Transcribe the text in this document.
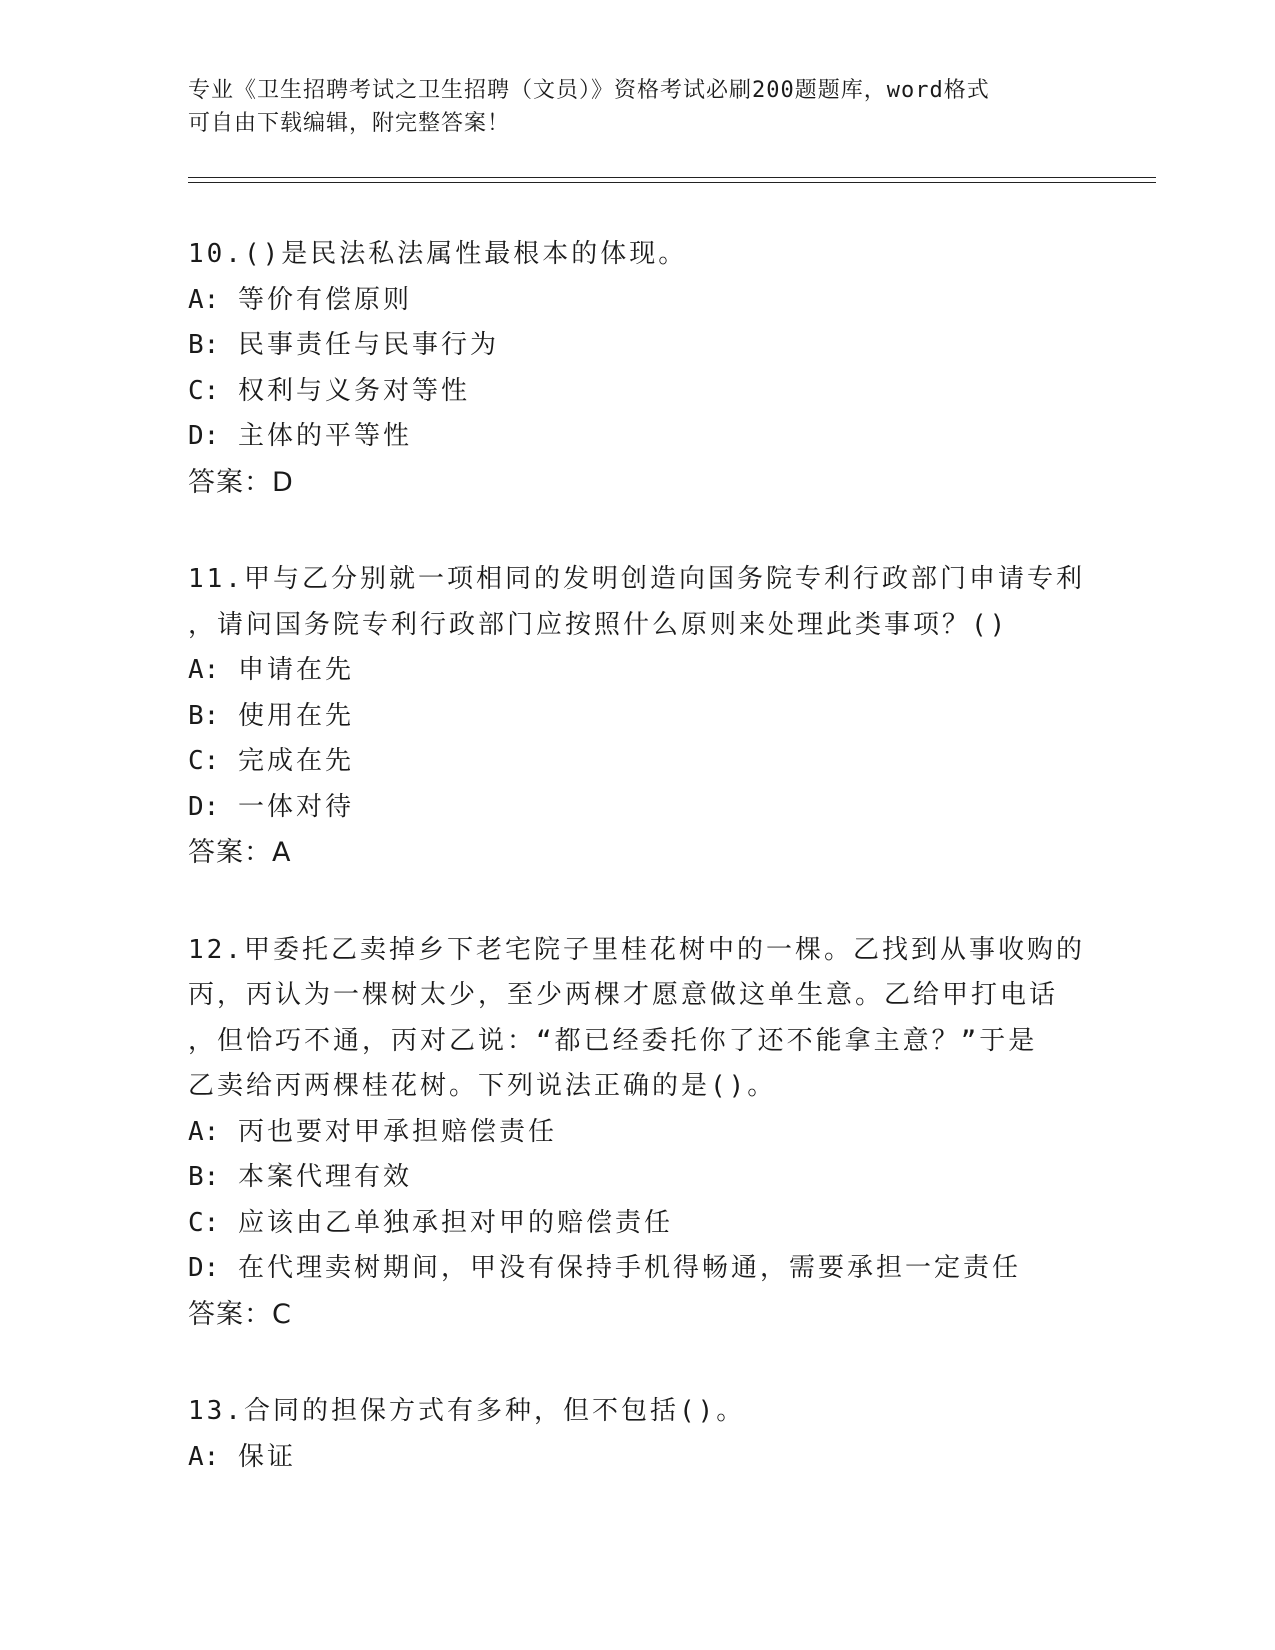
专业《卫生招聘考试之卫生招聘（文员）》资格考试必刷200题题库，word格式

可自由下载编辑，附完整答案！

10.()是民法私法属性最根本的体现。

A: 等价有偿原则

B: 民事责任与民事行为

C: 权利与义务对等性

D: 主体的平等性

答案：D

11.甲与乙分别就一项相同的发明创造向国务院专利行政部门申请专利

，请问国务院专利行政部门应按照什么原则来处理此类事项？()

A: 申请在先

B: 使用在先

C: 完成在先

D: 一体对待

答案：A

12.甲委托乙卖掉乡下老宅院子里桂花树中的一棵。乙找到从事收购的

丙，丙认为一棵树太少，至少两棵才愿意做这单生意。乙给甲打电话

，但恰巧不通，丙对乙说：“都已经委托你了还不能拿主意？”于是

乙卖给丙两棵桂花树。下列说法正确的是()。

A: 丙也要对甲承担赔偿责任

B: 本案代理有效

C: 应该由乙单独承担对甲的赔偿责任

D: 在代理卖树期间，甲没有保持手机得畅通，需要承担一定责任

答案：C

13.合同的担保方式有多种，但不包括()。

A: 保证
